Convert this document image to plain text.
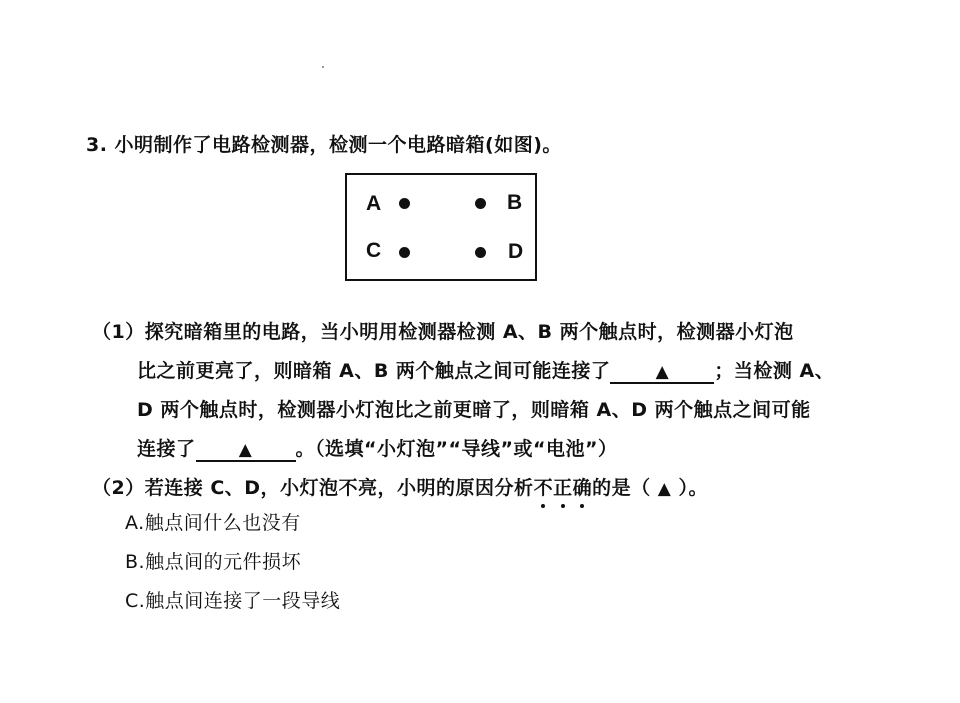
3. 小明制作了电路检测器，检测一个电路暗箱(如图)。
A	B
C	D
（1）探究暗箱里的电路，当小明用检测器检测 A、B 两个触点时，检测器小灯泡
比之前更亮了，则暗箱 A、B 两个触点之间可能连接了	▲ ；当检测 A、
D 两个触点时，检测器小灯泡比之前更暗了，则暗箱 A、D 两个触点之间可能
连接了	▲ 。（选填“小灯泡”“导线”或“电池”）
（2）若连接 C、D，小灯泡不亮，小明的原因分析不正确的是（ ▲ ）。
A.触点间什么也没有
B.触点间的元件损坏
C.触点间连接了一段导线
